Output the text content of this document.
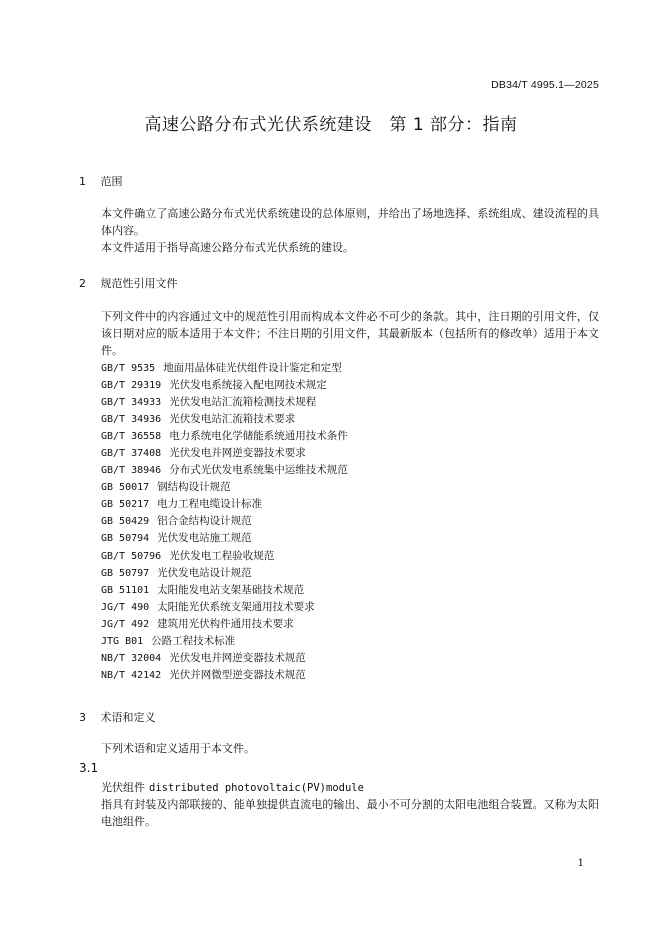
DB34/T 4995.1—2025
高速公路分布式光伏系统建设　第 1 部分：指南
1 范围
本文件确立了高速公路分布式光伏系统建设的总体原则，并给出了场地选择、系统组成、建设流程的具体内容。
本文件适用于指导高速公路分布式光伏系统的建设。
2 规范性引用文件
下列文件中的内容通过文中的规范性引用而构成本文件必不可少的条款。其中，注日期的引用文件，仅该日期对应的版本适用于本文件；不注日期的引用文件，其最新版本（包括所有的修改单）适用于本文件。
GB/T 9535 地面用晶体硅光伏组件设计鉴定和定型
GB/T 29319 光伏发电系统接入配电网技术规定
GB/T 34933 光伏发电站汇流箱检测技术规程
GB/T 34936 光伏发电站汇流箱技术要求
GB/T 36558 电力系统电化学储能系统通用技术条件
GB/T 37408 光伏发电并网逆变器技术要求
GB/T 38946 分布式光伏发电系统集中运维技术规范
GB 50017 钢结构设计规范
GB 50217 电力工程电缆设计标准
GB 50429 铝合金结构设计规范
GB 50794 光伏发电站施工规范
GB/T 50796 光伏发电工程验收规范
GB 50797 光伏发电站设计规范
GB 51101 太阳能发电站支架基础技术规范
JG/T 490 太阳能光伏系统支架通用技术要求
JG/T 492 建筑用光伏构件通用技术要求
JTG B01 公路工程技术标准
NB/T 32004 光伏发电并网逆变器技术规范
NB/T 42142 光伏并网微型逆变器技术规范
3 术语和定义
下列术语和定义适用于本文件。
3.1
光伏组件 distributed photovoltaic(PV)module
指具有封装及内部联接的、能单独提供直流电的输出、最小不可分割的太阳电池组合装置。又称为太阳电池组件。
1
